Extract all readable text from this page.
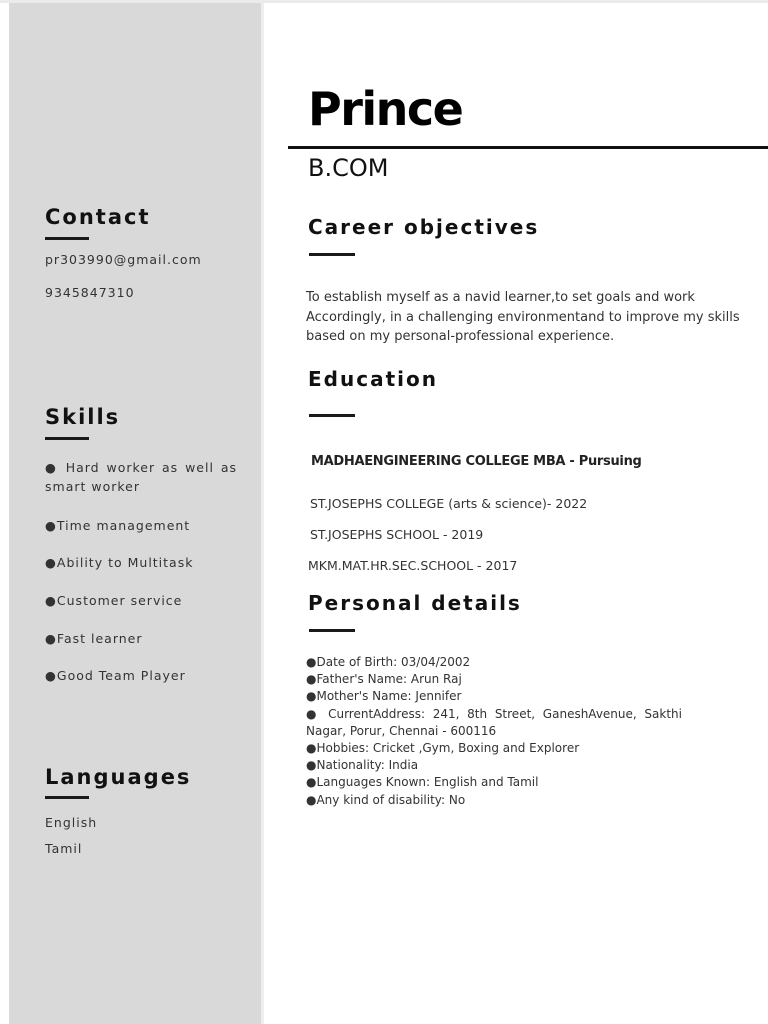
Contact

pr303990@gmail.com

9345847310

Skills
● Hard worker as well as smart worker
●Time management
●Ability to Multitask
●Customer service
●Fast learner
●Good Team Player
Languages

English

Tamil

Prince

B.COM

Career objectives

To establish myself as a navid learner,to set goals and work Accordingly, in a challenging environmentand to improve my skills based on my personal-professional experience.

Education

MADHAENGINEERING COLLEGE MBA - Pursuing

ST.JOSEPHS COLLEGE (arts & science)- 2022

ST.JOSEPHS SCHOOL - 2019

MKM.MAT.HR.SEC.SCHOOL - 2017

Personal details
●Date of Birth: 03/04/2002
●Father's Name: Arun Raj
●Mother's Name: Jennifer
● CurrentAddress: 241, 8th Street, GaneshAvenue, Sakthi Nagar, Porur, Chennai - 600116
●Hobbies: Cricket ,Gym, Boxing and Explorer
●Nationality: India
●Languages Known: English and Tamil
●Any kind of disability: No
